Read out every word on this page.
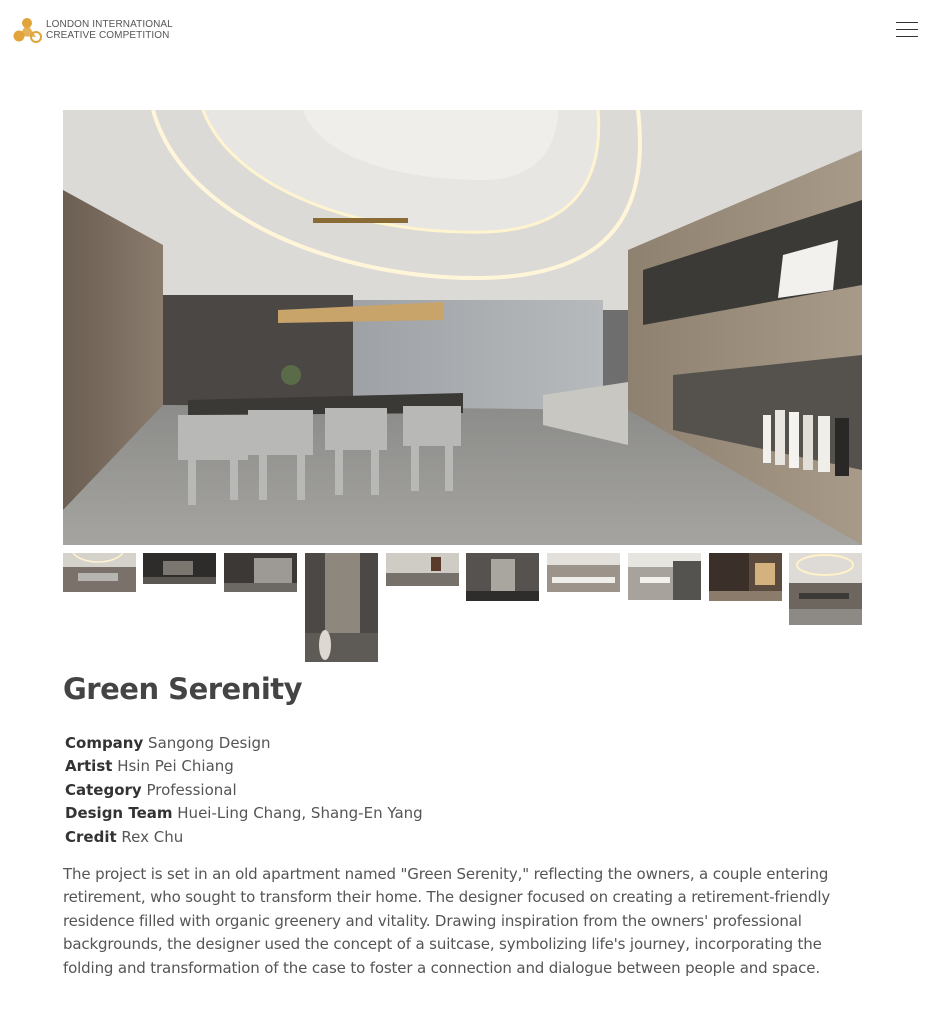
LONDON INTERNATIONAL
CREATIVE COMPETITION
Green Serenity
Company Sangong Design
Artist Hsin Pei Chiang
Category Professional
Design Team Huei-Ling Chang, Shang-En Yang
Credit Rex Chu

The project is set in an old apartment named "Green Serenity," reflecting the owners, a couple entering retirement, who sought to transform their home. The designer focused on creating a retirement-friendly residence filled with organic greenery and vitality. Drawing inspiration from the owners' professional backgrounds, the designer used the concept of a suitcase, symbolizing life's journey, incorporating the folding and transformation of the case to foster a connection and dialogue between people and space.
